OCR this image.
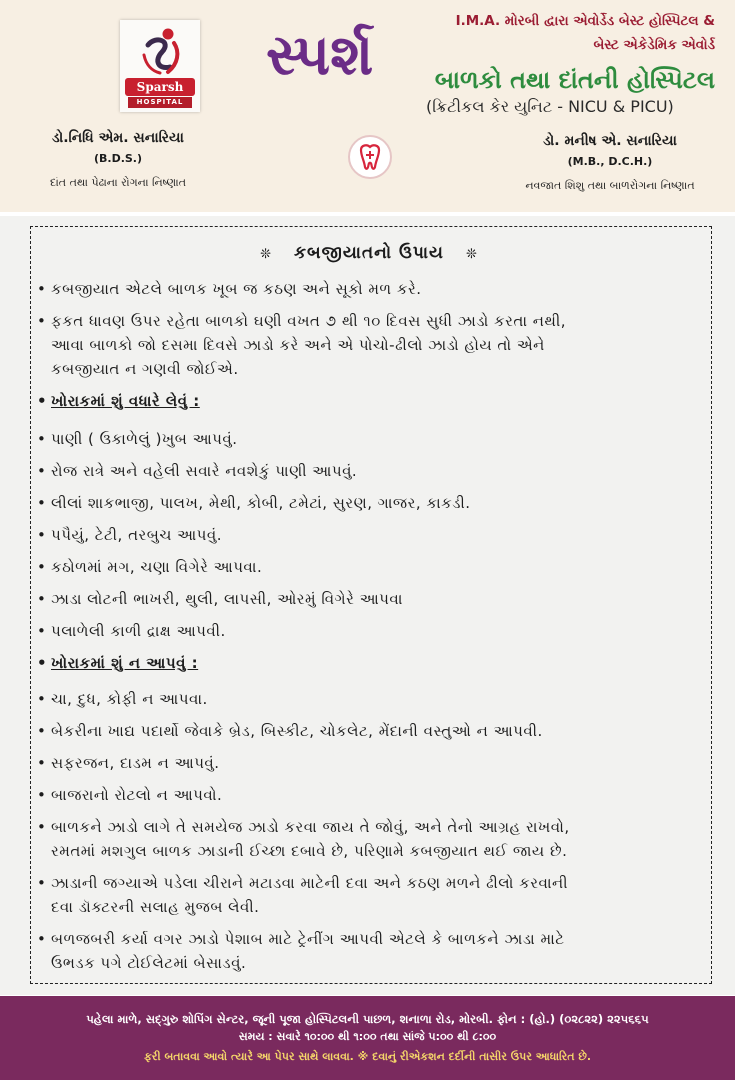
Sparsh
HOSPITAL
I.M.A. મોરબી દ્વારા એવોર્ડેડ બેસ્ટ હોસ્પિટલ &
બેસ્ટ એકેડેમિક એવોર્ડ
સ્પર્શ	બાળકો તથા દાંતની હોસ્પિટલ
(ક્રિટીકલ કેર યુનિટ - NICU & PICU)
ડો.નિધિ એમ. સનારિયા
(B.D.S.)
દાંત તથા પેઢાના રોગના નિષ્ણાત
ડો. મનીષ એ. સનારિયા
(M.B., D.C.H.)
નવજાત શિશુ તથા બાળરોગના નિષ્ણાત
❊ કબજીયાતનો ઉપાય ❊
• કબજીયાત એટલે બાળક ખૂબ જ કઠણ અને સૂકો મળ કરે.
• ફકત ધાવણ ઉપર રહેતા બાળકો ઘણી વખત ૭ થી ૧૦ દિવસ સુધી ઝાડો કરતા નથી,
આવા બાળકો જો દસમા દિવસે ઝાડો કરે અને એ પોચો-ઢીલો ઝાડો હોય તો એને
કબજીયાત ન ગણવી જોઈએ.
• ખોરાકમાં શું વધારે લેવું :
• પાણી ( ઉકાળેલું )ખુબ આપવું.
• રોજ રાત્રે અને વહેલી સવારે નવશેકું પાણી આપવું.
• લીલાં શાકભાજી, પાલખ, મેથી, કોબી, ટમેટાં, સુરણ, ગાજર, કાકડી.
• પપૈયું, ટેટી, તરબુચ આપવું.
• કઠોળમાં મગ, ચણા વિગેરે આપવા.
• ઝાડા લોટની ભાખરી, થુલી, લાપસી, ઓરમું વિગેરે આપવા
• પલાળેલી કાળી દ્રાક્ષ આપવી.
• ખોરાકમાં શું ન આપવું :
• ચા, દુધ, કોફી ન આપવા.
• બેકરીના ખાદ્ય પદાર્થો જેવાકે બ્રેડ, બિસ્કીટ, ચોકલેટ, મેંદાની વસ્તુઓ ન આપવી.
• સફરજન, દાડમ ન આપવું.
• બાજરાનો રોટલો ન આપવો.
• બાળકને ઝાડો લાગે તે સમયેજ ઝાડો કરવા જાય તે જોવું, અને તેનો આગ્રહ રાખવો,
રમતમાં મશગુલ બાળક ઝાડાની ઈચ્છા દબાવે છે, પરિણામે કબજીયાત થઈ જાય છે.
• ઝાડાની જગ્યાએ પડેલા ચીરાને મટાડવા માટેની દવા અને કઠણ મળને ઢીલો કરવાની
દવા ડૉક્ટરની સલાહ મુજબ લેવી.
• બળજબરી કર્યા વગર ઝાડો પેશાબ માટે ટ્રેનીંગ આપવી એટલે કે બાળકને ઝાડા માટે
ઉભડક પગે ટોઈલેટમાં બેસાડવું.
પહેલા માળે, સદ્ગુરુ શોપિંગ સેન્ટર, જૂની પૂજા હોસ્પિટલની પાછળ, શનાળા રોડ, મોરબી. ફોન : (હો.) (૦૨૮૨૨) ૨૨૫૬૬૫
સમય : સવારે ૧૦:૦૦ થી ૧:૦૦ તથા સાંજે ૫:૦૦ થી ૮:૦૦
ફરી બતાવવા આવો ત્યારે આ પેપર સાથે લાવવા. ※ દવાનું રીએકશન દર્દીની તાસીર ઉપર આધારિત છે.
